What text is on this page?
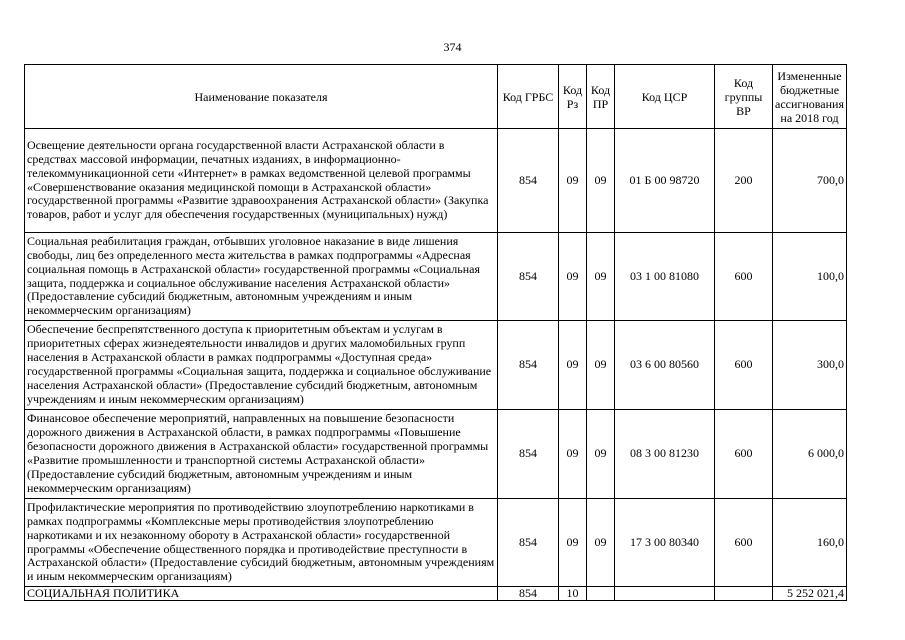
374
Наименование показателя	Код ГРБС	Код Рз	Код ПР	Код ЦСР	Код группы ВР	Измененные бюджетные ассигнования на 2018 год
Освещение деятельности органа государственной власти Астраханской области в средствах массовой информации, печатных изданиях, в информационно-телекоммуникационной сети «Интернет» в рамках ведомственной целевой программы «Совершенствование оказания медицинской помощи в Астраханской области» государственной программы «Развитие здравоохранения Астраханской области» (Закупка товаров, работ и услуг для обеспечения государственных (муниципальных) нужд)	854	09	09	01 Б 00 98720	200	700,0
Социальная реабилитация граждан, отбывших уголовное наказание в виде лишения свободы, лиц без определенного места жительства в рамках подпрограммы «Адресная социальная помощь в Астраханской области» государственной программы «Социальная защита, поддержка и социальное обслуживание населения Астраханской области» (Предоставление субсидий бюджетным, автономным учреждениям и иным некоммерческим организациям)	854	09	09	03 1 00 81080	600	100,0
Обеспечение беспрепятственного доступа к приоритетным объектам и услугам в приоритетных сферах жизнедеятельности инвалидов и других маломобильных групп населения в Астраханской области в рамках подпрограммы «Доступная среда» государственной программы «Социальная защита, поддержка и социальное обслуживание населения Астраханской области» (Предоставление субсидий бюджетным, автономным учреждениям и иным некоммерческим организациям)	854	09	09	03 6 00 80560	600	300,0
Финансовое обеспечение мероприятий, направленных на повышение безопасности дорожного движения в Астраханской области, в рамках подпрограммы «Повышение безопасности дорожного движения в Астраханской области» государственной программы «Развитие промышленности и транспортной системы Астраханской области» (Предоставление субсидий бюджетным, автономным учреждениям и иным некоммерческим организациям)	854	09	09	08 3 00 81230	600	6 000,0
Профилактические мероприятия по противодействию злоупотреблению наркотиками в рамках подпрограммы «Комплексные меры противодействия злоупотреблению наркотиками и их незаконному обороту в Астраханской области» государственной программы «Обеспечение общественного порядка и противодействие преступности в Астраханской области» (Предоставление субсидий бюджетным, автономным учреждениям и иным некоммерческим организациям)	854	09	09	17 3 00 80340	600	160,0
СОЦИАЛЬНАЯ ПОЛИТИКА	854	10				5 252 021,4
